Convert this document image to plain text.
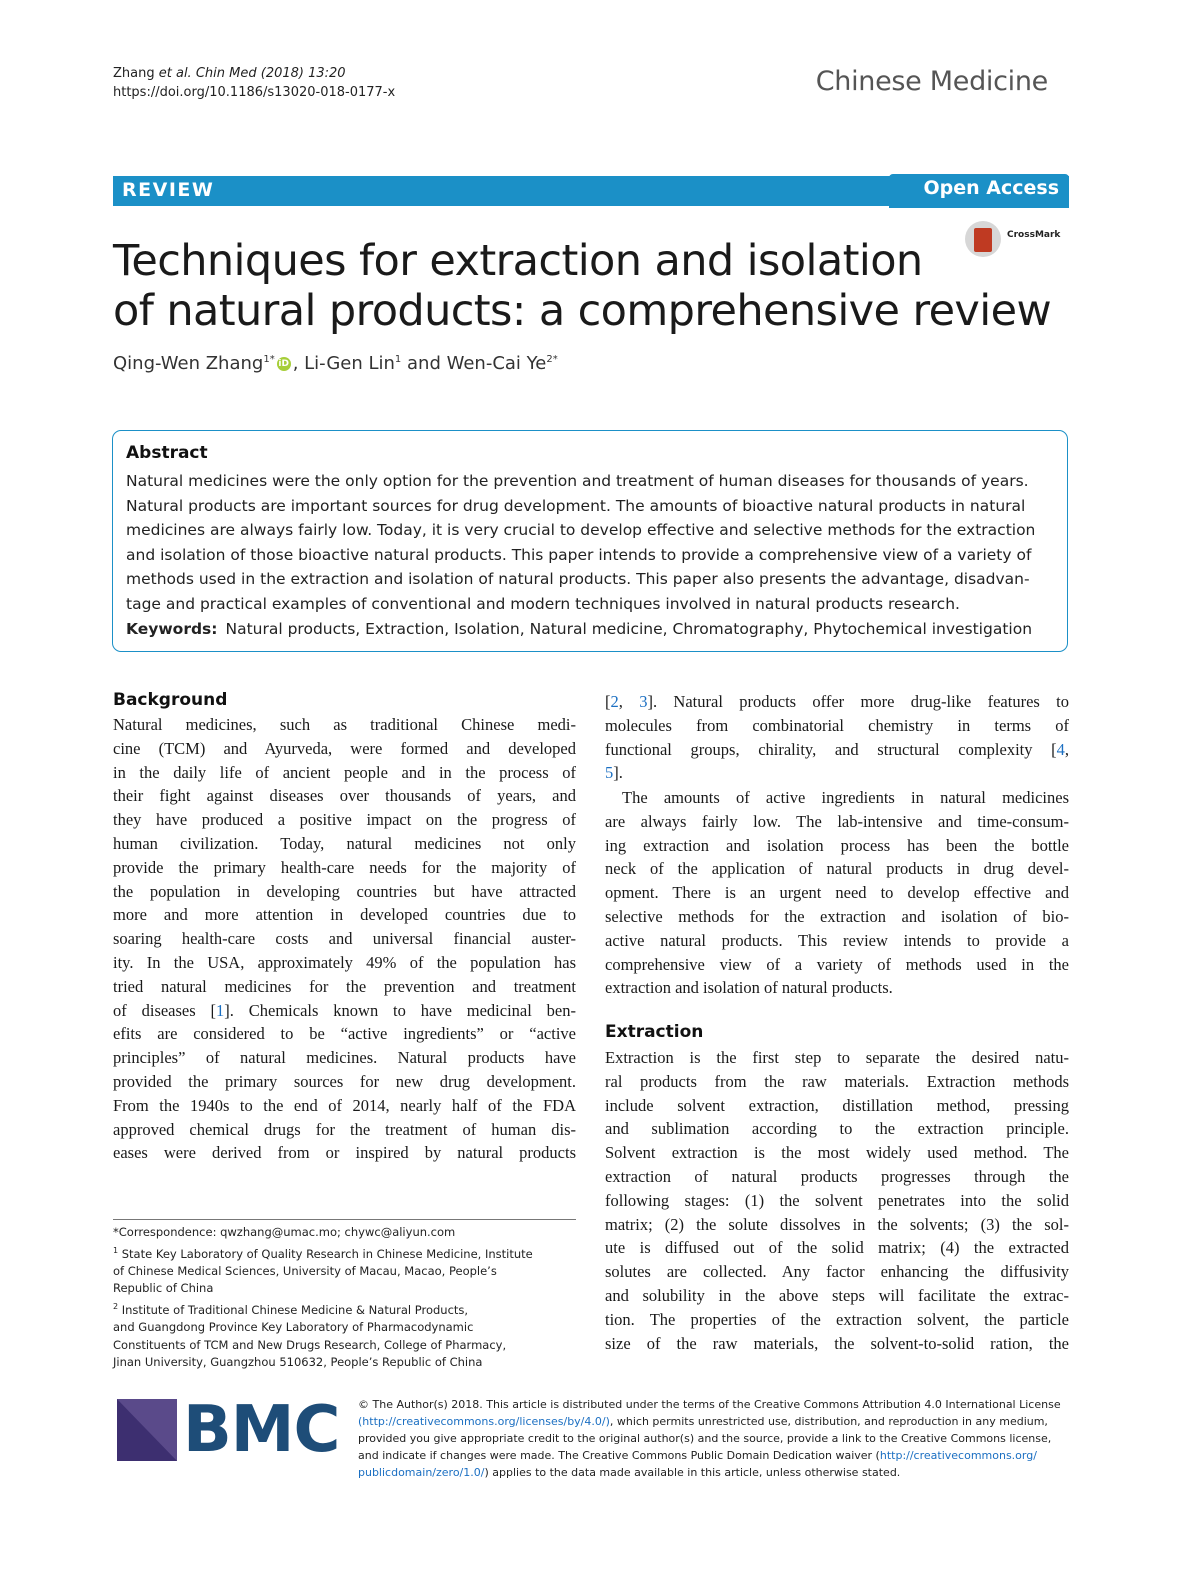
Zhang et al. Chin Med (2018) 13:20
https://doi.org/10.1186/s13020-018-0177-x	Chinese Medicine
REVIEW	Open Access
CrossMark
Techniques for extraction and isolation
of natural products: a comprehensive review
Qing-Wen Zhang$^{1*}$ iD , Li-Gen Lin$^1$ and Wen-Cai $Ye^{2*}$
Abstract
Natural medicines were the only option for the prevention and treatment of human diseases for thousands of years.
Natural products are important sources for drug development. The amounts of bioactive natural products in natural
medicines are always fairly low. Today, it is very crucial to develop effective and selective methods for the extraction
and isolation of those bioactive natural products. This paper intends to provide a comprehensive view of a variety of
methods used in the extraction and isolation of natural products. This paper also presents the advantage, disadvan-
tage and practical examples of conventional and modern techniques involved in natural products research.
Keywords: Natural products, Extraction, Isolation, Natural medicine, Chromatography, Phytochemical investigation
Background
Natural medicines, such as traditional Chinese medi-
cine (TCM) and Ayurveda, were formed and developed
in the daily life of ancient people and in the process of
their fight against diseases over thousands of years, and
they have produced a positive impact on the progress of
human civilization. Today, natural medicines not only
provide the primary health-care needs for the majority of
the population in developing countries but have attracted
more and more attention in developed countries due to
soaring health-care costs and universal financial auster-
ity. In the USA, approximately 49% of the population has
tried natural medicines for the prevention and treatment
of diseases [1]. Chemicals known to have medicinal ben-
efits are considered to be “active ingredients” or “active
principles” of natural medicines. Natural products have
provided the primary sources for new drug development.
From the 1940s to the end of 2014, nearly half of the FDA
approved chemical drugs for the treatment of human dis-
eases were derived from or inspired by natural products
[2, 3]. Natural products offer more drug-like features to
molecules from combinatorial chemistry in terms of
functional groups, chirality, and structural complexity [4,
5].
The amounts of active ingredients in natural medicines
are always fairly low. The lab-intensive and time-consum-
ing extraction and isolation process has been the bottle
neck of the application of natural products in drug devel-
opment. There is an urgent need to develop effective and
selective methods for the extraction and isolation of bio-
active natural products. This review intends to provide a
comprehensive view of a variety of methods used in the
extraction and isolation of natural products.
Extraction
Extraction is the first step to separate the desired natu-
ral products from the raw materials. Extraction methods
include solvent extraction, distillation method, pressing
and sublimation according to the extraction principle.
Solvent extraction is the most widely used method. The
extraction of natural products progresses through the
following stages: (1) the solvent penetrates into the solid
matrix; (2) the solute dissolves in the solvents; (3) the sol-
ute is diffused out of the solid matrix; (4) the extracted
solutes are collected. Any factor enhancing the diffusivity
and solubility in the above steps will facilitate the extrac-
tion. The properties of the extraction solvent, the particle
size of the raw materials, the solvent-to-solid ration, the
*Correspondence: qwzhang@umac.mo; chywc@aliyun.com
$^1$ State Key Laboratory of Quality Research in Chinese Medicine, Institute
of Chinese Medical Sciences, University of Macau, Macao, People’s
Republic of China
$^2$ Institute of Traditional Chinese Medicine & Natural Products,
and Guangdong Province Key Laboratory of Pharmacodynamic
Constituents of TCM and New Drugs Research, College of Pharmacy,
Jinan University, Guangzhou 510632, People’s Republic of China
BMC © The Author(s) 2018. This article is distributed under the terms of the Creative Commons Attribution 4.0 International License
(http://creativecommons.org/licenses/by/4.0/), which permits unrestricted use, distribution, and reproduction in any medium,
provided you give appropriate credit to the original author(s) and the source, provide a link to the Creative Commons license,
and indicate if changes were made. The Creative Commons Public Domain Dedication waiver (http://creativecommons.org/
publicdomain/zero/1.0/) applies to the data made available in this article, unless otherwise stated.
